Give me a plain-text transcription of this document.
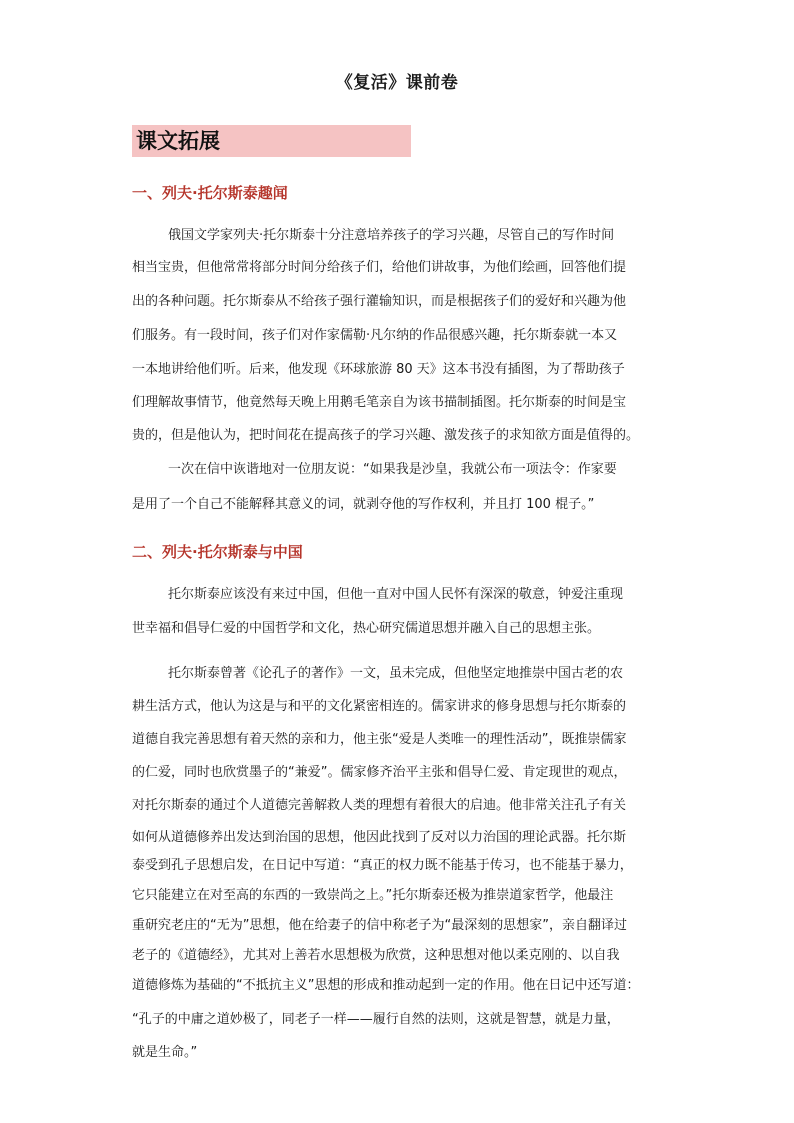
《复活》课前卷
课文拓展
一、列夫·托尔斯泰趣闻
俄国文学家列夫·托尔斯泰十分注意培养孩子的学习兴趣，尽管自己的写作时间
相当宝贵，但他常常将部分时间分给孩子们，给他们讲故事，为他们绘画，回答他们提
出的各种问题。托尔斯泰从不给孩子强行灌输知识，而是根据孩子们的爱好和兴趣为他
们服务。有一段时间，孩子们对作家儒勒·凡尔纳的作品很感兴趣，托尔斯泰就一本又
一本地讲给他们听。后来，他发现《环球旅游 80 天》这本书没有插图，为了帮助孩子
们理解故事情节，他竟然每天晚上用鹅毛笔亲自为该书描制插图。托尔斯泰的时间是宝
贵的，但是他认为，把时间花在提高孩子的学习兴趣、激发孩子的求知欲方面是值得的。
一次在信中诙谐地对一位朋友说：“如果我是沙皇，我就公布一项法令：作家要
是用了一个自己不能解释其意义的词，就剥夺他的写作权利，并且打 100 棍子。”
二、列夫·托尔斯泰与中国
托尔斯泰应该没有来过中国，但他一直对中国人民怀有深深的敬意，钟爱注重现
世幸福和倡导仁爱的中国哲学和文化，热心研究儒道思想并融入自己的思想主张。
托尔斯泰曾著《论孔子的著作》一文，虽未完成，但他坚定地推崇中国古老的农
耕生活方式，他认为这是与和平的文化紧密相连的。儒家讲求的修身思想与托尔斯泰的
道德自我完善思想有着天然的亲和力，他主张“爱是人类唯一的理性活动”，既推崇儒家
的仁爱，同时也欣赏墨子的“兼爱”。儒家修齐治平主张和倡导仁爱、肯定现世的观点，
对托尔斯泰的通过个人道德完善解救人类的理想有着很大的启迪。他非常关注孔子有关
如何从道德修养出发达到治国的思想，他因此找到了反对以力治国的理论武器。托尔斯
泰受到孔子思想启发，在日记中写道：“真正的权力既不能基于传习，也不能基于暴力，
它只能建立在对至高的东西的一致崇尚之上。”托尔斯泰还极为推崇道家哲学，他最注
重研究老庄的“无为”思想，他在给妻子的信中称老子为“最深刻的思想家”，亲自翻译过
老子的《道德经》，尤其对上善若水思想极为欣赏，这种思想对他以柔克刚的、以自我
道德修炼为基础的“不抵抗主义”思想的形成和推动起到一定的作用。他在日记中还写道：
“孔子的中庸之道妙极了，同老子一样——履行自然的法则，这就是智慧，就是力量，
就是生命。”
